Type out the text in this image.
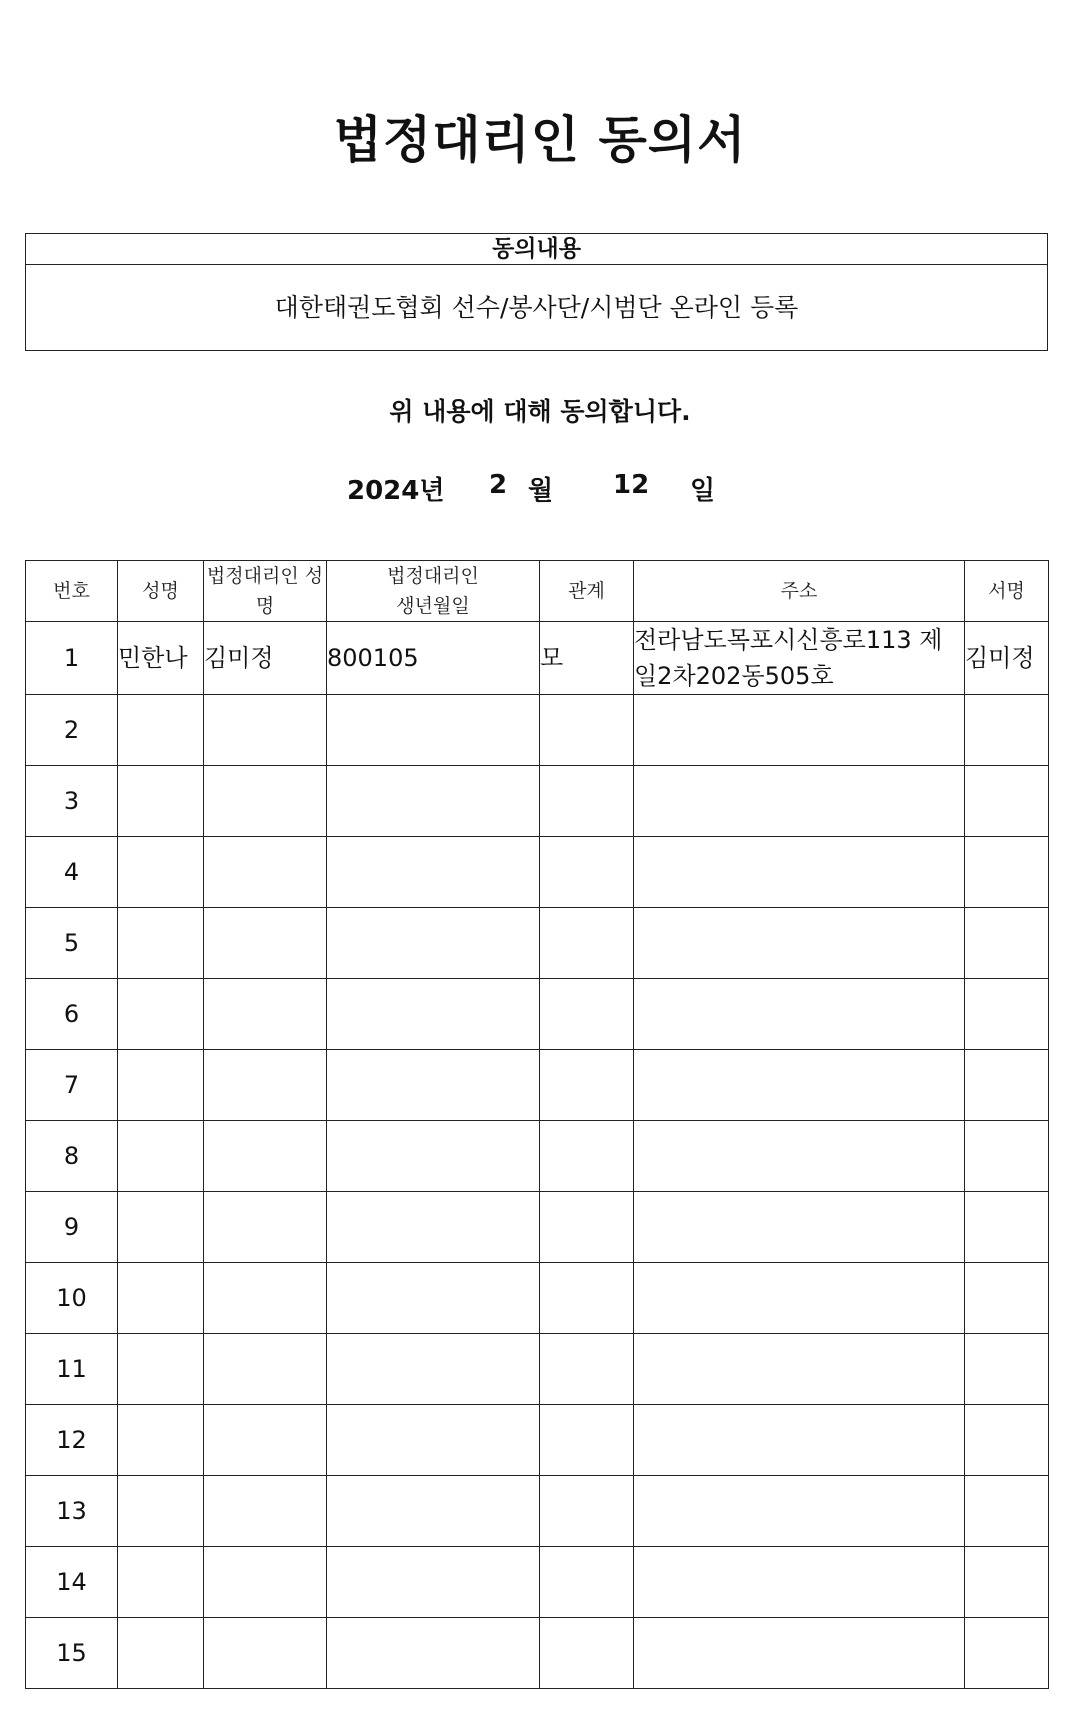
법정대리인 동의서
동의내용
대한태권도협회 선수/봉사단/시범단 온라인 등록
위 내용에 대해 동의합니다.
2024년 2 월 12 일
번호	성명	법정대리인 성명	법정대리인 생년월일	관계	주소	서명
1	민한나	김미정	800105	모	전라남도목포시신흥로113 제일2차202동505호	김미정
2						
3						
4						
5						
6						
7						
8						
9						
10						
11						
12						
13						
14						
15						
